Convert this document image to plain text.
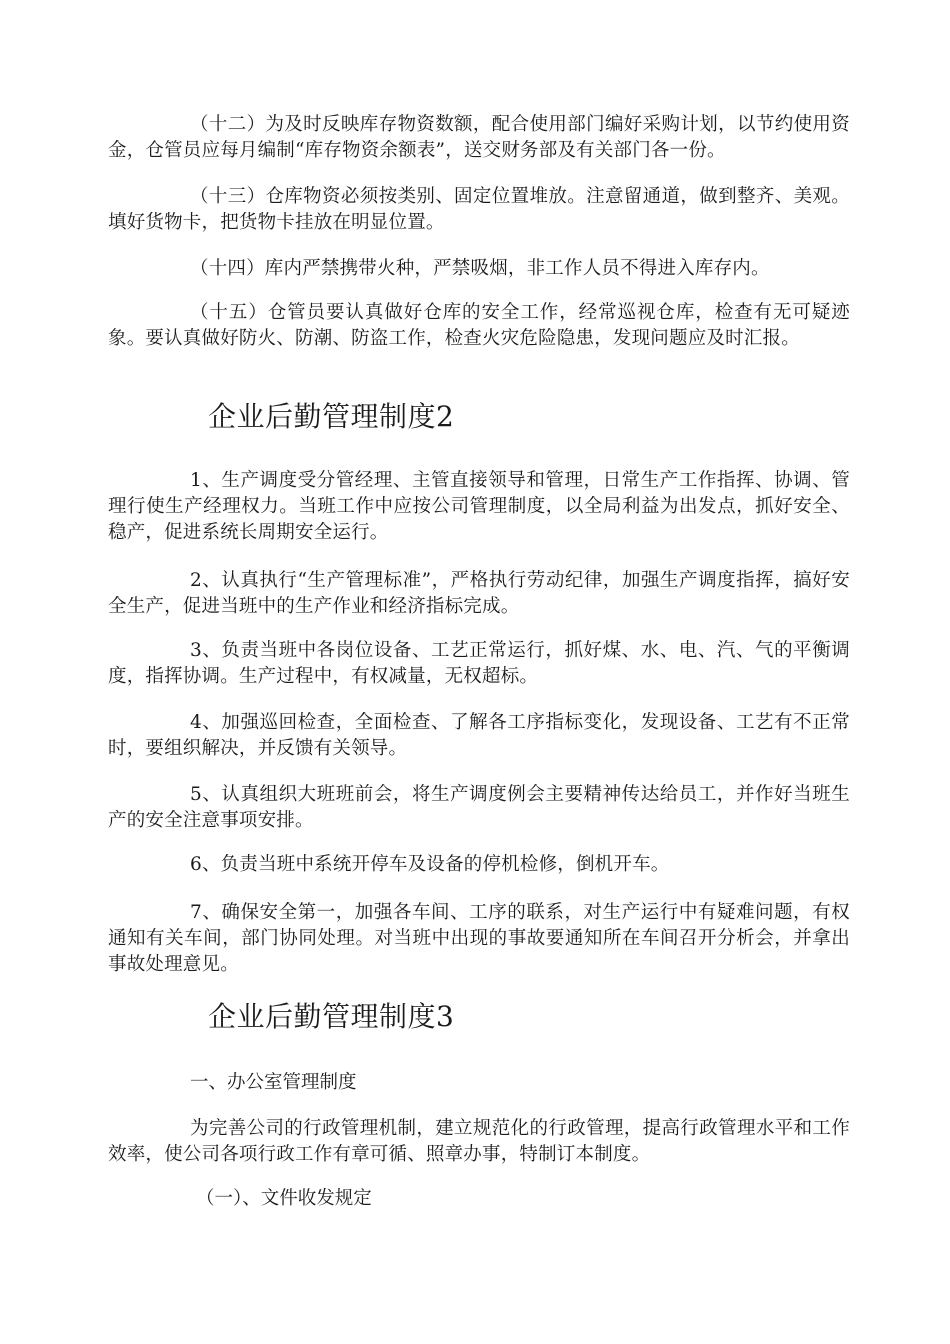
（十二）为及时反映库存物资数额，配合使用部门编好采购计划，以节约使用资金，仓管员应每月编制“库存物资余额表”，送交财务部及有关部门各一份。

（十三）仓库物资必须按类别、固定位置堆放。注意留通道，做到整齐、美观。填好货物卡，把货物卡挂放在明显位置。

（十四）库内严禁携带火种，严禁吸烟，非工作人员不得进入库存内。

（十五）仓管员要认真做好仓库的安全工作，经常巡视仓库，检查有无可疑迹象。要认真做好防火、防潮、防盗工作，检查火灾危险隐患，发现问题应及时汇报。

企业后勤管理制度2

1、生产调度受分管经理、主管直接领导和管理，日常生产工作指挥、协调、管理行使生产经理权力。当班工作中应按公司管理制度，以全局利益为出发点，抓好安全、稳产，促进系统长周期安全运行。

2、认真执行“生产管理标准”，严格执行劳动纪律，加强生产调度指挥，搞好安全生产，促进当班中的生产作业和经济指标完成。

3、负责当班中各岗位设备、工艺正常运行，抓好煤、水、电、汽、气的平衡调度，指挥协调。生产过程中，有权减量，无权超标。

4、加强巡回检查，全面检查、了解各工序指标变化，发现设备、工艺有不正常时，要组织解决，并反馈有关领导。

5、认真组织大班班前会，将生产调度例会主要精神传达给员工，并作好当班生产的安全注意事项安排。

6、负责当班中系统开停车及设备的停机检修，倒机开车。

7、确保安全第一，加强各车间、工序的联系，对生产运行中有疑难问题，有权通知有关车间，部门协同处理。对当班中出现的事故要通知所在车间召开分析会，并拿出事故处理意见。

企业后勤管理制度3

一、办公室管理制度

为完善公司的行政管理机制，建立规范化的行政管理，提高行政管理水平和工作效率，使公司各项行政工作有章可循、照章办事，特制订本制度。

（一）、文件收发规定
